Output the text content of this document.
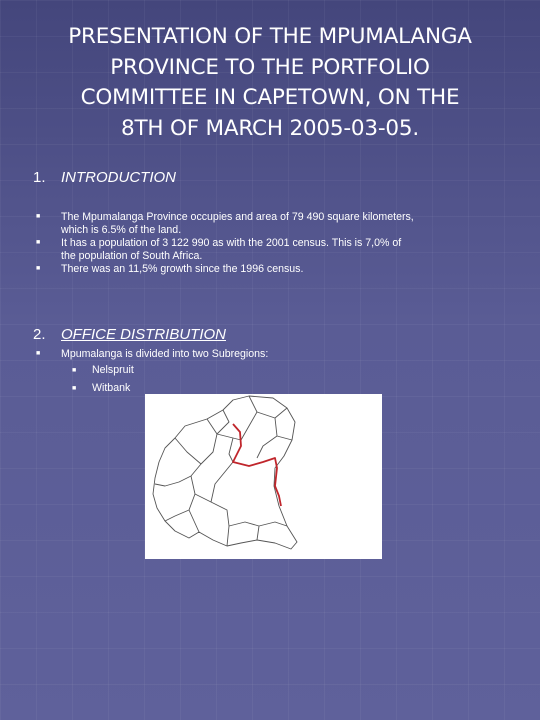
PRESENTATION OF THE MPUMALANGA
PROVINCE TO THE PORTFOLIO
COMMITTEE IN CAPETOWN, ON THE
8TH OF MARCH 2005-03-05.
1. INTRODUCTION
■ The Mpumalanga Province occupies and area of 79 490 square kilometers,
which is 6.5% of the land.
■ It has a population of 3 122 990 as with the 2001 census. This is 7,0% of
the population of South Africa.
■ There was an 11,5% growth since the 1996 census.
2. OFFICE DISTRIBUTION
■ Mpumalanga is divided into two Subregions:
■ Nelspruit
■ Witbank
